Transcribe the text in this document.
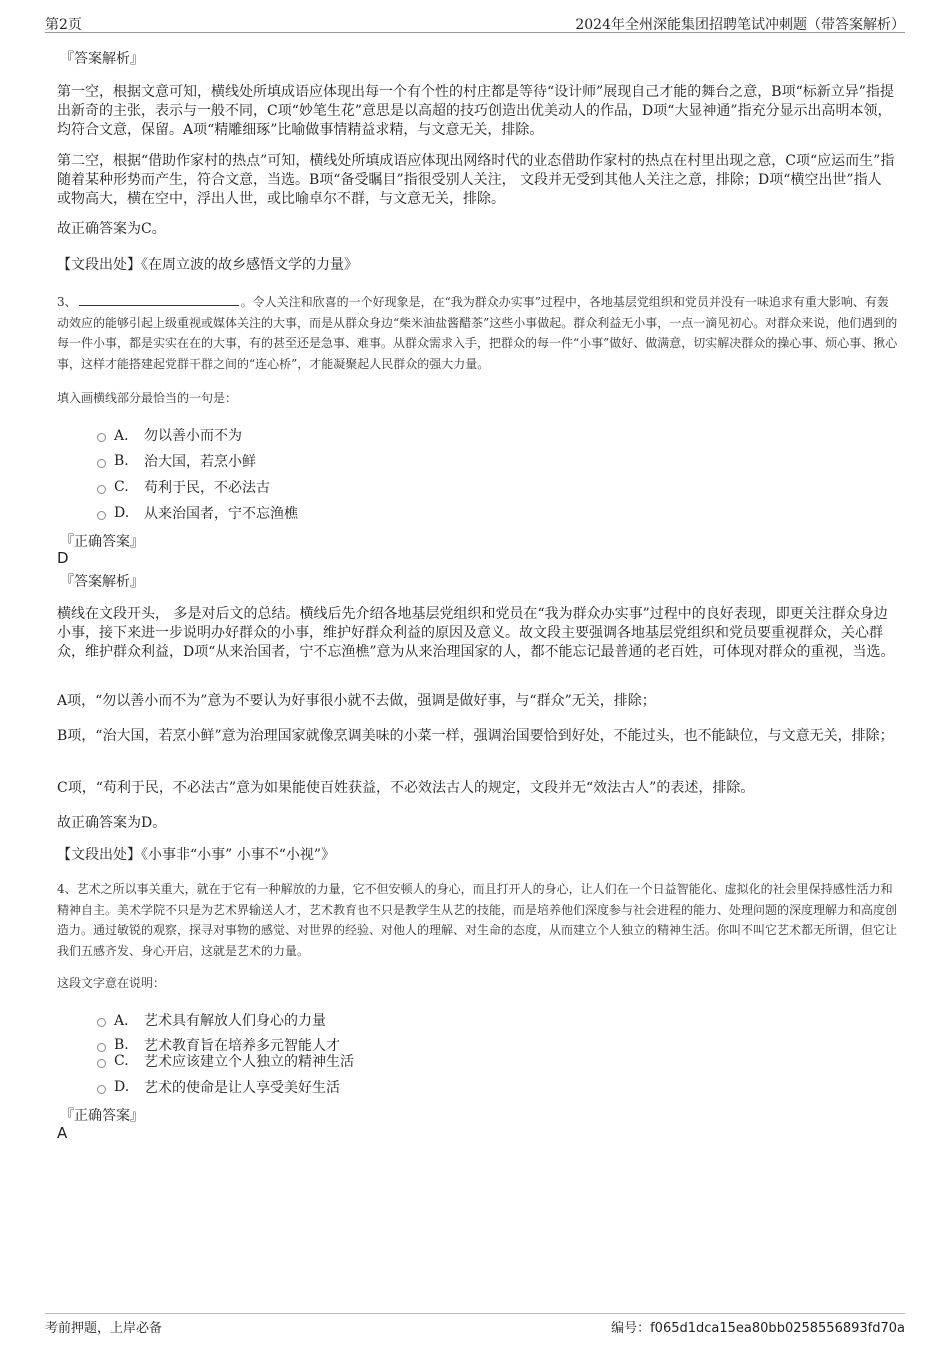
第2页	2024年全州深能集团招聘笔试冲刺题（带答案解析）
『答案解析』

第一空，根据文意可知，横线处所填成语应体现出每一个有个性的村庄都是等待“设计师”展现自己才能的舞台之意，B项“标新立异”指提出新奇的主张，表示与一般不同，C项“妙笔生花”意思是以高超的技巧创造出优美动人的作品，D项“大显神通”指充分显示出高明本领，均符合文意，保留。A项“精雕细琢”比喻做事情精益求精，与文意无关，排除。

第二空，根据“借助作家村的热点”可知，横线处所填成语应体现出网络时代的业态借助作家村的热点在村里出现之意，C项“应运而生”指随着某种形势而产生，符合文意，当选。B项“备受瞩目”指很受别人关注， 文段并无受到其他人关注之意，排除；D项“横空出世”指人或物高大，横在空中，浮出人世，或比喻卓尔不群，与文意无关，排除。

故正确答案为C。

【文段出处】《在周立波的故乡感悟文学的力量》

3、	。令人关注和欣喜的一个好现象是，在“我为群众办实事”过程中，各地基层党组织和党员并没有一味追求有重大影响、有轰动效应的能够引起上级重视或媒体关注的大事，而是从群众身边“柴米油盐酱醋茶”这些小事做起。群众利益无小事，一点一滴见初心。对群众来说，他们遇到的每一件小事，都是实实在在的大事，有的甚至还是急事、难事。从群众需求入手，把群众的每一件“小事”做好、做满意，切实解决群众的操心事、烦心事、揪心事，这样才能搭建起党群干群之间的“连心桥”，才能凝聚起人民群众的强大力量。

填入画横线部分最恰当的一句是：

A． 勿以善小而不为
B.	治大国，若烹小鲜
C.	苟利于民，不必法古
D.	从来治国者，宁不忘渔樵
『正确答案』
D
『答案解析』

横线在文段开头， 多是对后文的总结。横线后先介绍各地基层党组织和党员在“我为群众办实事”过程中的良好表现，即更关注群众身边小事，接下来进一步说明办好群众的小事，维护好群众利益的原因及意义。故文段主要强调各地基层党组织和党员要重视群众，关心群众，维护群众利益，D项“从来治国者，宁不忘渔樵”意为从来治理国家的人，都不能忘记最普通的老百姓，可体现对群众的重视，当选。

A项，“勿以善小而不为”意为不要认为好事很小就不去做，强调是做好事，与“群众”无关，排除；

B项，“治大国，若烹小鲜”意为治理国家就像烹调美味的小菜一样，强调治国要恰到好处，不能过头，也不能缺位，与文意无关，排除；

C项，“苟利于民，不必法古”意为如果能使百姓获益，不必效法古人的规定，文段并无“效法古人”的表述，排除。

故正确答案为D。

【文段出处】《小事非“小事” 小事不“小视”》

4、艺术之所以事关重大，就在于它有一种解放的力量，它不但安顿人的身心，而且打开人的身心，让人们在一个日益智能化、虚拟化的社会里保持感性活力和精神自主。美术学院不只是为艺术界输送人才，艺术教育也不只是教学生从艺的技能，而是培养他们深度参与社会进程的能力、处理问题的深度理解力和高度创造力。通过敏锐的观察，探寻对事物的感觉、对世界的经验、对他人的理解、对生命的态度，从而建立个人独立的精神生活。你叫不叫它艺术都无所谓，但它让我们五感齐发、身心开启，这就是艺术的力量。

这段文字意在说明：

A． 艺术具有解放人们身心的力量
B.	艺术教育旨在培养多元智能人才
C.	艺术应该建立个人独立的精神生活
D.	艺术的使命是让人享受美好生活
『正确答案』
A
考前押题，上岸必备	编号：f065d1dca15ea80bb0258556893fd70a
